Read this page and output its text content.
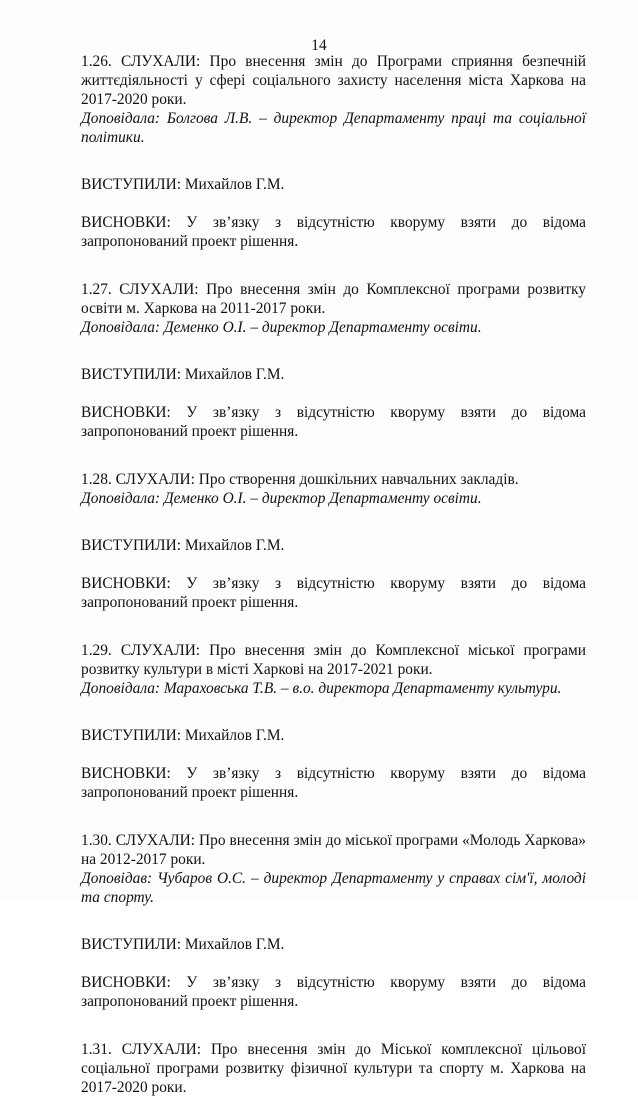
14
1.26. СЛУХАЛИ: Про внесення змін до Програми сприяння безпечній життєдіяльності у сфері соціального захисту населення міста Харкова на 2017-2020 роки.
Доповідала: Болгова Л.В. – директор Департаменту праці та соціальної політики.
ВИСТУПИЛИ: Михайлов Г.М.
ВИСНОВКИ: У зв’язку з відсутністю кворуму взяти до відома запропонований проект рішення.
1.27. СЛУХАЛИ: Про внесення змін до Комплексної програми розвитку освіти м. Харкова на 2011-2017 роки.
Доповідала: Деменко О.І. – директор Департаменту освіти.
ВИСТУПИЛИ: Михайлов Г.М.
ВИСНОВКИ: У зв’язку з відсутністю кворуму взяти до відома запропонований проект рішення.
1.28. СЛУХАЛИ: Про створення дошкільних навчальних закладів.
Доповідала: Деменко О.І. – директор Департаменту освіти.
ВИСТУПИЛИ: Михайлов Г.М.
ВИСНОВКИ: У зв’язку з відсутністю кворуму взяти до відома запропонований проект рішення.
1.29. СЛУХАЛИ: Про внесення змін до Комплексної міської програми розвитку культури в місті Харкові на 2017-2021 роки.
Доповідала: Мараховська Т.В. – в.о. директора Департаменту культури.
ВИСТУПИЛИ: Михайлов Г.М.
ВИСНОВКИ: У зв’язку з відсутністю кворуму взяти до відома запропонований проект рішення.
1.30. СЛУХАЛИ: Про внесення змін до міської програми «Молодь Харкова» на 2012-2017 роки.
Доповідав: Чубаров О.С. – директор Департаменту у справах сім'ї, молоді та спорту.
ВИСТУПИЛИ: Михайлов Г.М.
ВИСНОВКИ: У зв’язку з відсутністю кворуму взяти до відома запропонований проект рішення.
1.31. СЛУХАЛИ: Про внесення змін до Міської комплексної цільової соціальної програми розвитку фізичної культури та спорту м. Харкова на 2017-2020 роки.
